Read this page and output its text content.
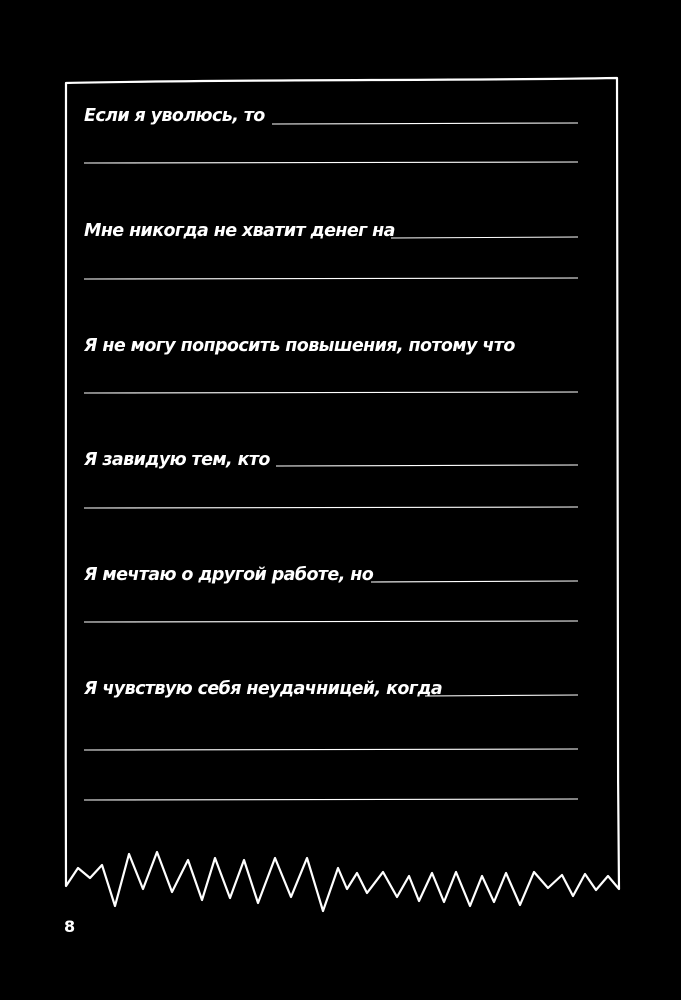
Если я уволюсь, то
Мне никогда не хватит денег на
Я не могу попросить повышения, потому что
Я завидую тем, кто
Я мечтаю о другой работе, но
Я чувствую себя неудачницей, когда
8
